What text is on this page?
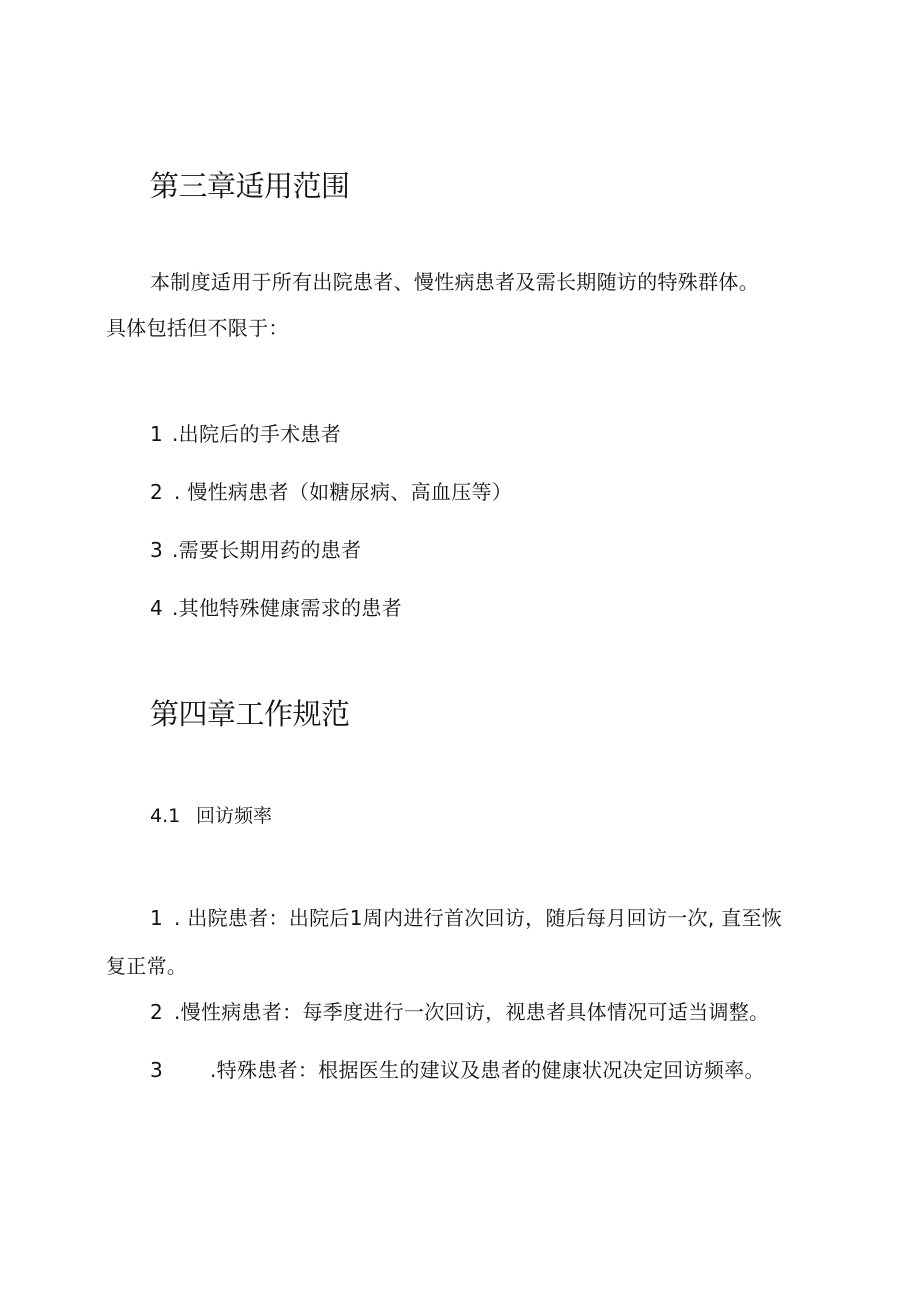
第三章适用范围
本制度适用于所有出院患者、慢性病患者及需长期随访的特殊群体。
具体包括但不限于：
1 .出院后的手术患者
2 . 慢性病患者（如糖尿病、高血压等）
3 .需要长期用药的患者
4 .其他特殊健康需求的患者
第四章工作规范
4.1 回访频率
1 . 出院患者：出院后1周内进行首次回访，随后每月回访一次, 直至恢
复正常。
2 .慢性病患者：每季度进行一次回访，视患者具体情况可适当调整。
3 .特殊患者：根据医生的建议及患者的健康状况决定回访频率。
